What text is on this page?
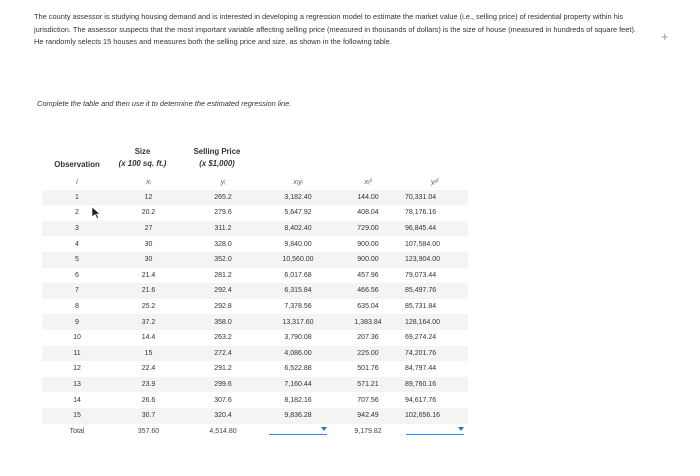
The county assessor is studying housing demand and is interested in developing a regression model to estimate the market value (i.e., selling price) of residential property within his jurisdiction. The assessor suspects that the most important variable affecting selling price (measured in thousands of dollars) is the size of house (measured in hundreds of square feet). He randomly selects 15 houses and measures both the selling price and size, as shown in the following table.	+
Complete the table and then use it to determine the estimated regression line.
Observation
Size
(x 100 sq. ft.)
Selling Price
(x $1,000)
i	xᵢ	yᵢ	xᵢyᵢ	xᵢ²	yᵢ²
1	12	265.2	3,182.40	144.00	70,331.04
2	20.2	279.6	5,647.92	408.04	78,176.16
3	27	311.2	8,402.40	729.00	96,845.44
4	30	328.0	9,840.00	900.00	107,584.00
5	30	352.0	10,560.00	900.00	123,904.00
6	21.4	281.2	6,017.68	457.96	79,073.44
7	21.6	292.4	6,315.84	466.56	85,497.76
8	25.2	292.8	7,378.56	635.04	85,731.84
9	37.2	358.0	13,317.60	1,383.84	128,164.00
10	14.4	263.2	3,790.08	207.36	69,274.24
11	15	272.4	4,086.00	225.00	74,201.76
12	22.4	291.2	6,522.88	501.76	84,797.44
13	23.9	299.6	7,160.44	571.21	89,760.16
14	26.6	307.6	8,182.16	707.56	94,617.76
15	30.7	320.4	9,836.28	942.49	102,656.16
Total	357.60	4,514.80		9,179.82	
